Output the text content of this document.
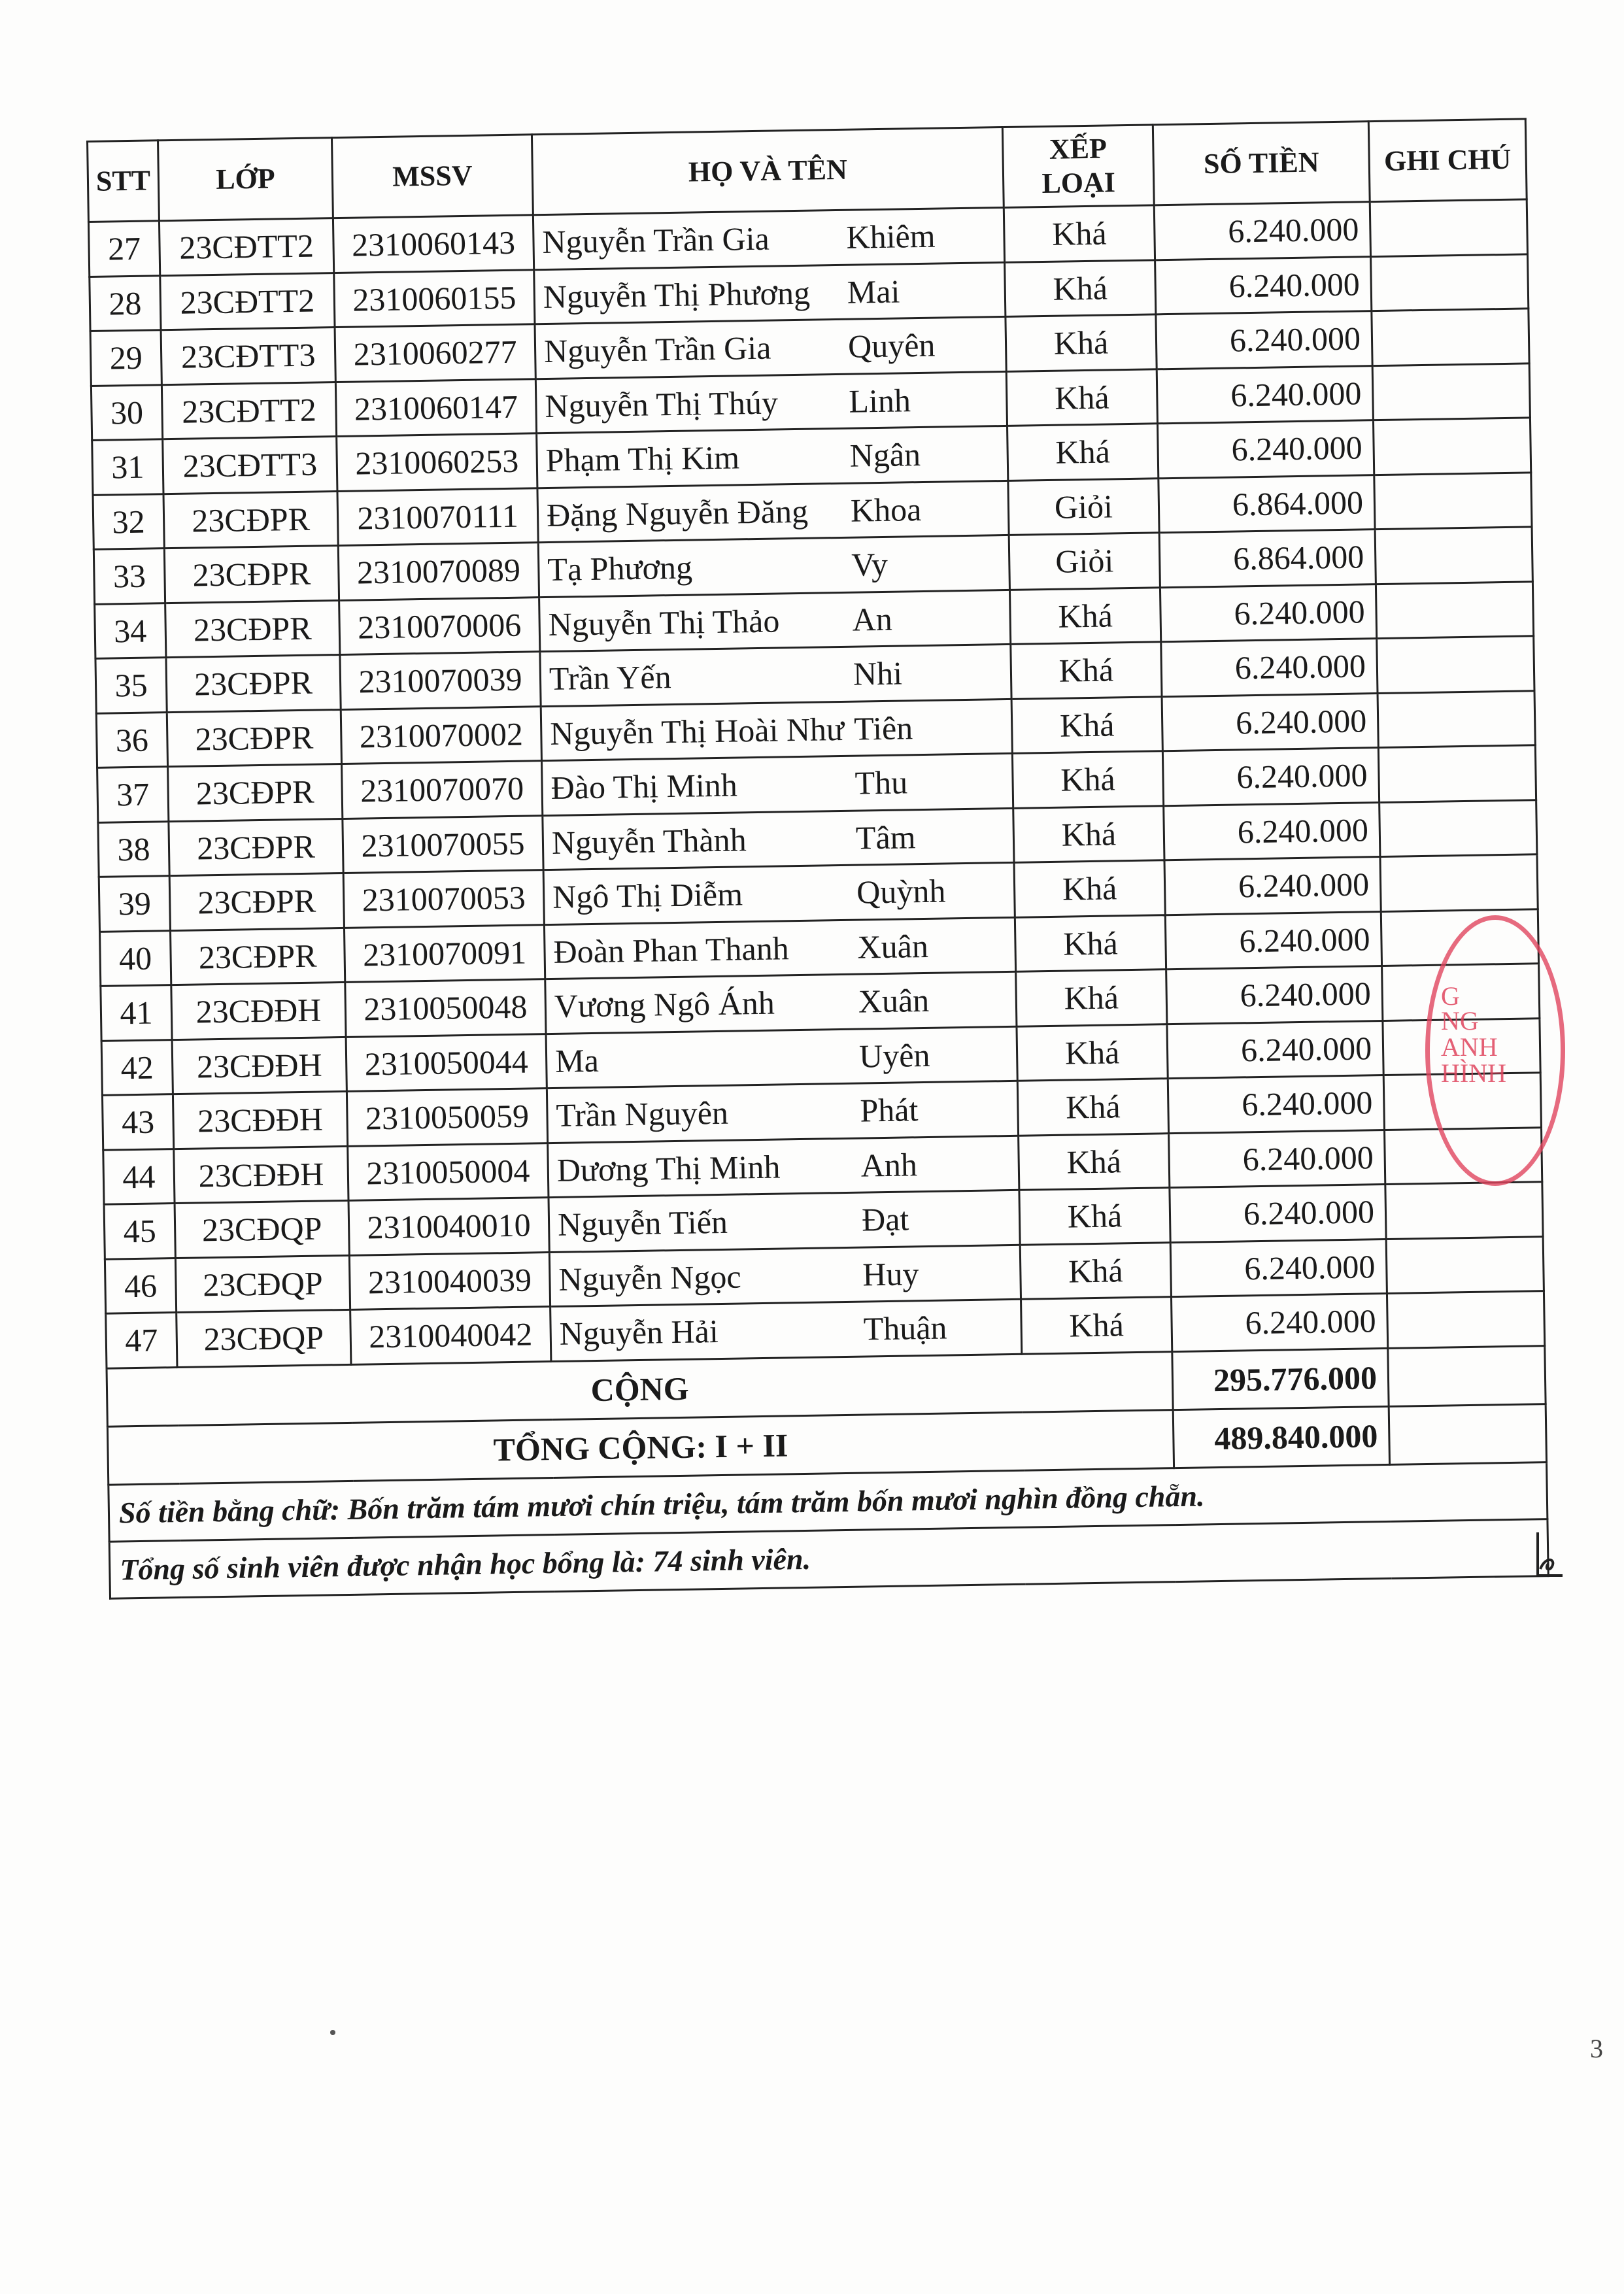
STT	LỚP	MSSV	HỌ VÀ TÊN	XẾP
LOẠI	SỐ TIỀN	GHI CHÚ
27	23CĐTT2	2310060143	Nguyễn Trần Gia Khiêm	Khá	6.240.000	
28	23CĐTT2	2310060155	Nguyễn Thị Phương Mai	Khá	6.240.000	
29	23CĐTT3	2310060277	Nguyễn Trần Gia Quyên	Khá	6.240.000	
30	23CĐTT2	2310060147	Nguyễn Thị Thúy Linh	Khá	6.240.000	
31	23CĐTT3	2310060253	Phạm Thị Kim Ngân	Khá	6.240.000	
32	23CĐPR	2310070111	Đặng Nguyễn Đăng Khoa	Giỏi	6.864.000	
33	23CĐPR	2310070089	Tạ Phương Vy	Giỏi	6.864.000	
34	23CĐPR	2310070006	Nguyễn Thị Thảo An	Khá	6.240.000	
35	23CĐPR	2310070039	Trần Yến Nhi	Khá	6.240.000	
36	23CĐPR	2310070002	Nguyễn Thị Hoài Như Tiên	Khá	6.240.000	
37	23CĐPR	2310070070	Đào Thị Minh Thu	Khá	6.240.000	
38	23CĐPR	2310070055	Nguyễn Thành Tâm	Khá	6.240.000	
39	23CĐPR	2310070053	Ngô Thị Diễm Quỳnh	Khá	6.240.000	
40	23CĐPR	2310070091	Đoàn Phan Thanh Xuân	Khá	6.240.000	
41	23CĐĐH	2310050048	Vương Ngô Ánh Xuân	Khá	6.240.000	
42	23CĐĐH	2310050044	Ma Uyên	Khá	6.240.000	
43	23CĐĐH	2310050059	Trần Nguyên Phát	Khá	6.240.000	
44	23CĐĐH	2310050004	Dương Thị Minh Anh	Khá	6.240.000	
45	23CĐQP	2310040010	Nguyễn Tiến Đạt	Khá	6.240.000	
46	23CĐQP	2310040039	Nguyễn Ngọc Huy	Khá	6.240.000	
47	23CĐQP	2310040042	Nguyễn Hải Thuận	Khá	6.240.000	
CỘNG					295.776.000	
TỔNG CỘNG: I + II					489.840.000	
Số tiền bằng chữ: Bốn trăm tám mươi chín triệu, tám trăm bốn mươi nghìn đồng chẵn.						
Tổng số sinh viên được nhận học bổng là: 74 sinh viên.						
G
NG
ANH
HÌNH
3
